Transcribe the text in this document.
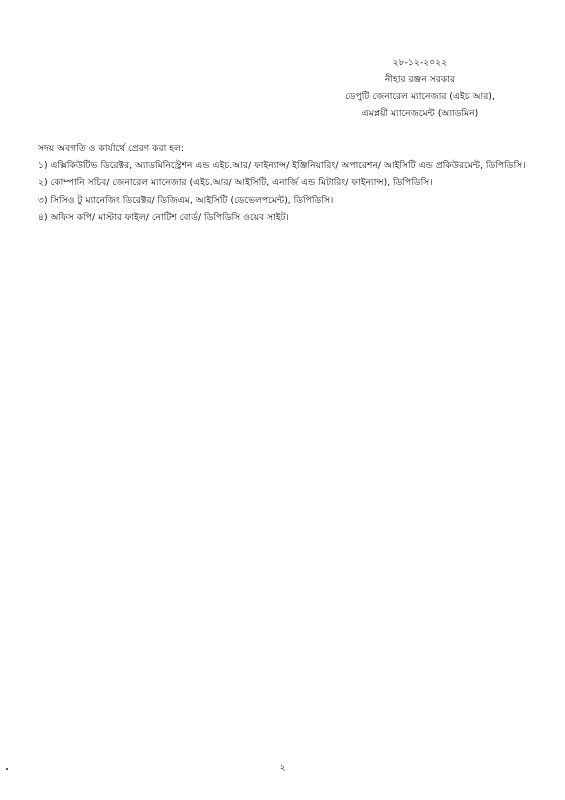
২৮-১২-২০২২
নীহার রঞ্জন সরকার
ডেপুটি জেনারেল ম্যানেজার (এইচ আর),
এমপ্লয়ী ম্যানেজমেন্ট (অ্যাডমিন)
সদয় অবগতি ও কার্যার্থে প্রেরণ করা হল:
১) এক্সিকিউটিভ ডিরেক্টর, অ্যাডমিনিস্ট্রেশন এন্ড এইচ.আর/ ফাইন্যান্স/ ইঞ্জিনিয়ারিং/ অপারেশন/ আইসিটি এন্ড প্রকিউরমেন্ট, ডিপিডিসি।
২) কোম্পানি সচিব/ জেনারেল ম্যানেজার (এইচ.আর/ আইসিটি, এনার্জি এন্ড মিটারিং/ ফাইন্যান্স), ডিপিডিসি।
৩) সিসিও টু ম্যানেজিং ডিরেক্টর/ ডিজিএম, আইসিটি (ডেভেলপমেন্ট), ডিপিডিসি।
৪) অফিস কপি/ মাস্টার ফাইল/ নোটিশ বোর্ড/ ডিপিডিসি ওয়েব সাইট।
২
